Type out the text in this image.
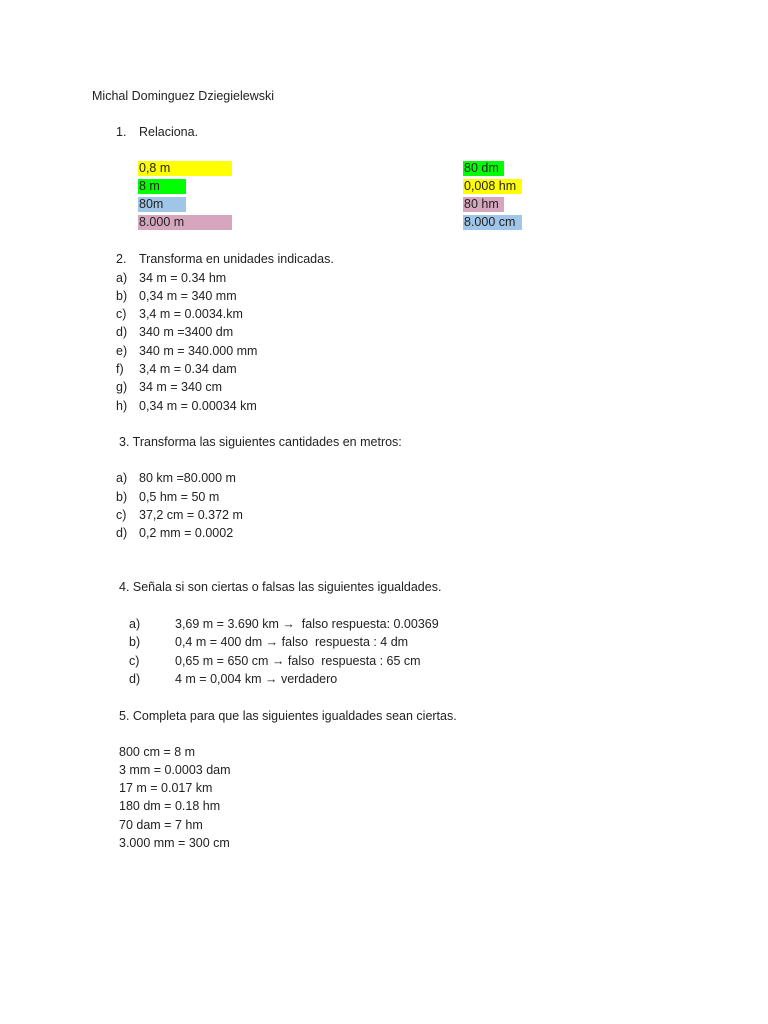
Michal Dominguez Dziegielewski
1. Relaciona.
0,8 m
8 m
80m
8.000 m
80 dm
0,008 hm
80 hm
8.000 cm
2. Transforma en unidades indicadas.
a) 34 m = 0.34 hm
b) 0,34 m = 340 mm
c) 3,4 m = 0.0034.km
d) 340 m =3400 dm
e) 340 m = 340.000 mm
f) 3,4 m = 0.34 dam
g) 34 m = 340 cm
h) 0,34 m = 0.00034 km
3. Transforma las siguientes cantidades en metros:
a) 80 km =80.000 m
b) 0,5 hm = 50 m
c) 37,2 cm = 0.372 m
d) 0,2 mm = 0.0002
4. Señala si son ciertas o falsas las siguientes igualdades.
a)	3,69 m = 3.690 km →  falso respuesta: 0.00369
b)	0,4 m = 400 dm → falso  respuesta : 4 dm
c)	0,65 m = 650 cm → falso  respuesta : 65 cm
d)	4 m = 0,004 km → verdadero
5. Completa para que las siguientes igualdades sean ciertas.
800 cm = 8 m
3 mm = 0.0003 dam
17 m = 0.017 km
180 dm = 0.18 hm
70 dam = 7 hm
3.000 mm = 300 cm
